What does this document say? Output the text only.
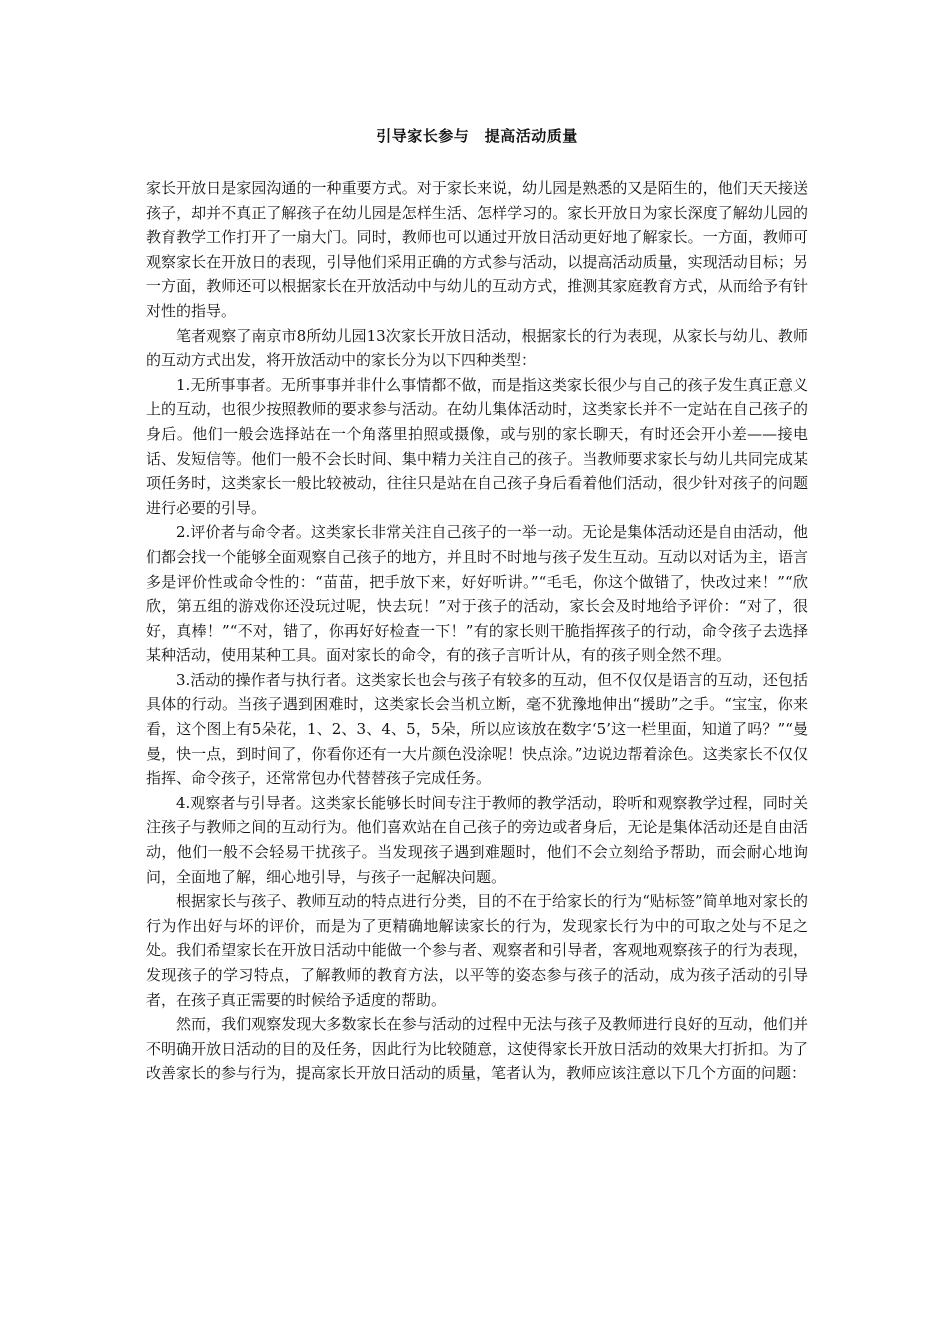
引导家长参与　提高活动质量

家长开放日是家园沟通的一种重要方式。对于家长来说，幼儿园是熟悉的又是陌生的，他们天天接送孩子，却并不真正了解孩子在幼儿园是怎样生活、怎样学习的。家长开放日为家长深度了解幼儿园的教育教学工作打开了一扇大门。同时，教师也可以通过开放日活动更好地了解家长。一方面，教师可观察家长在开放日的表现，引导他们采用正确的方式参与活动，以提高活动质量，实现活动目标；另一方面，教师还可以根据家长在开放活动中与幼儿的互动方式，推测其家庭教育方式，从而给予有针对性的指导。

笔者观察了南京市8所幼儿园13次家长开放日活动，根据家长的行为表现，从家长与幼儿、教师的互动方式出发，将开放活动中的家长分为以下四种类型：

1.无所事事者。无所事事并非什么事情都不做，而是指这类家长很少与自己的孩子发生真正意义上的互动，也很少按照教师的要求参与活动。在幼儿集体活动时，这类家长并不一定站在自己孩子的身后。他们一般会选择站在一个角落里拍照或摄像，或与别的家长聊天，有时还会开小差——接电话、发短信等。他们一般不会长时间、集中精力关注自己的孩子。当教师要求家长与幼儿共同完成某项任务时，这类家长一般比较被动，往往只是站在自己孩子身后看着他们活动，很少针对孩子的问题进行必要的引导。

2.评价者与命令者。这类家长非常关注自己孩子的一举一动。无论是集体活动还是自由活动，他们都会找一个能够全面观察自己孩子的地方，并且时不时地与孩子发生互动。互动以对话为主，语言多是评价性或命令性的：“苗苗，把手放下来，好好听讲。”“毛毛，你这个做错了，快改过来！”“欣欣，第五组的游戏你还没玩过呢，快去玩！”对于孩子的活动，家长会及时地给予评价：“对了，很好，真棒！”“不对，错了，你再好好检查一下！”有的家长则干脆指挥孩子的行动，命令孩子去选择某种活动，使用某种工具。面对家长的命令，有的孩子言听计从，有的孩子则全然不理。

3.活动的操作者与执行者。这类家长也会与孩子有较多的互动，但不仅仅是语言的互动，还包括具体的行动。当孩子遇到困难时，这类家长会当机立断，毫不犹豫地伸出“援助”之手。“宝宝，你来看，这个图上有5朵花，1、2、3、4、5，5朵，所以应该放在数字‘5’这一栏里面，知道了吗？”“曼曼，快一点，到时间了，你看你还有一大片颜色没涂呢！快点涂。”边说边帮着涂色。这类家长不仅仅指挥、命令孩子，还常常包办代替替孩子完成任务。

4.观察者与引导者。这类家长能够长时间专注于教师的教学活动，聆听和观察教学过程，同时关注孩子与教师之间的互动行为。他们喜欢站在自己孩子的旁边或者身后，无论是集体活动还是自由活动，他们一般不会轻易干扰孩子。当发现孩子遇到难题时，他们不会立刻给予帮助，而会耐心地询问，全面地了解，细心地引导，与孩子一起解决问题。

根据家长与孩子、教师互动的特点进行分类，目的不在于给家长的行为“贴标签”简单地对家长的行为作出好与坏的评价，而是为了更精确地解读家长的行为，发现家长行为中的可取之处与不足之处。我们希望家长在开放日活动中能做一个参与者、观察者和引导者，客观地观察孩子的行为表现，发现孩子的学习特点，了解教师的教育方法，以平等的姿态参与孩子的活动，成为孩子活动的引导者，在孩子真正需要的时候给予适度的帮助。

然而，我们观察发现大多数家长在参与活动的过程中无法与孩子及教师进行良好的互动，他们并不明确开放日活动的目的及任务，因此行为比较随意，这使得家长开放日活动的效果大打折扣。为了改善家长的参与行为，提高家长开放日活动的质量，笔者认为，教师应该注意以下几个方面的问题：
